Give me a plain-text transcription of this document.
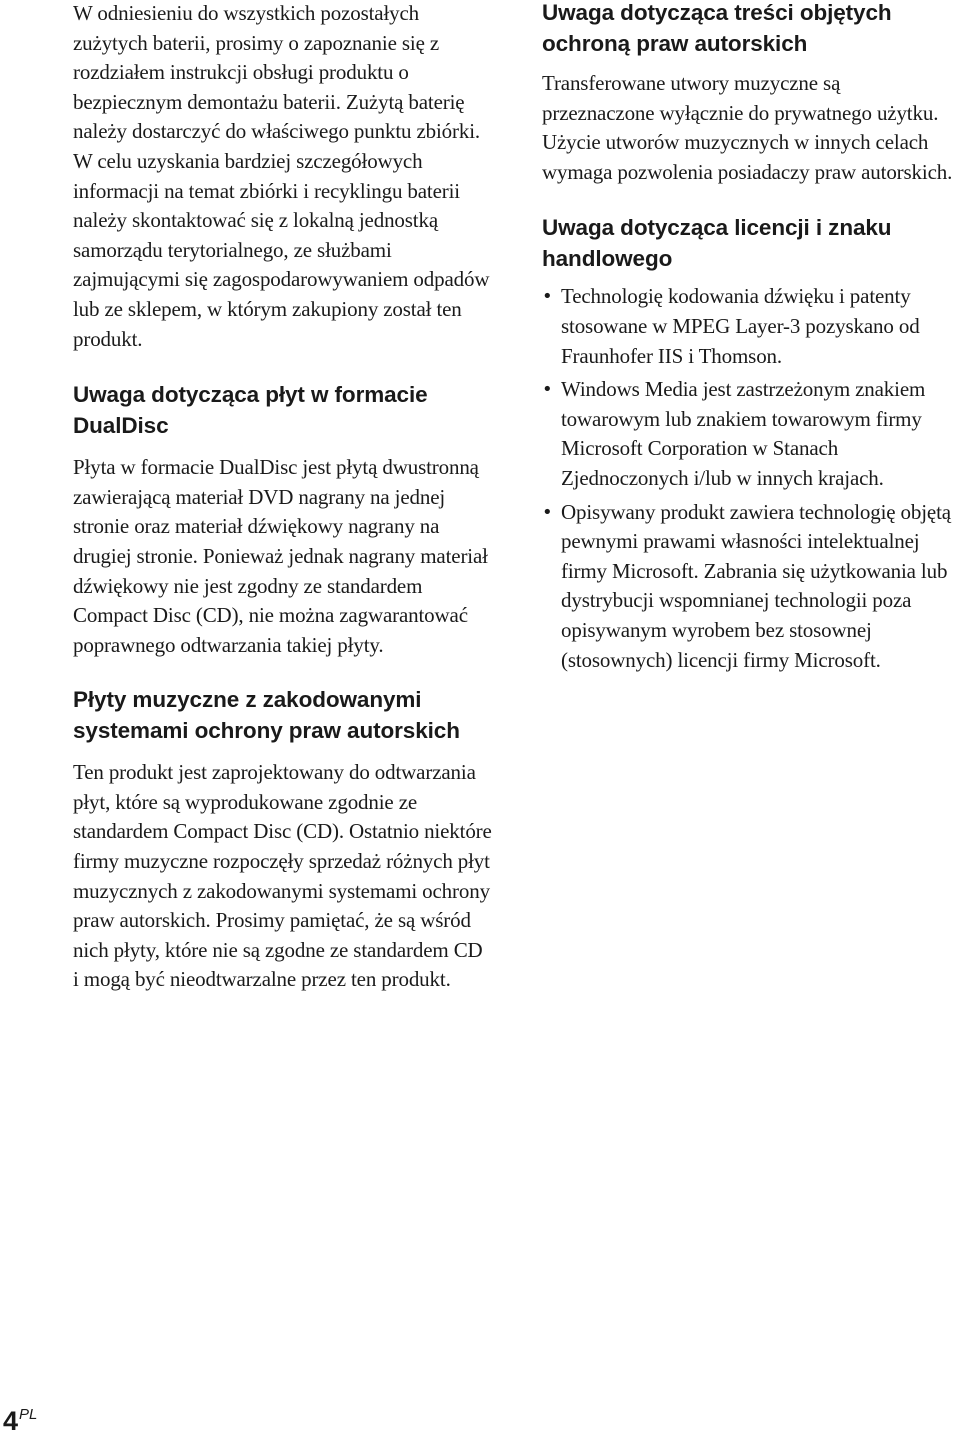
W odniesieniu do wszystkich pozostałych zużytych baterii, prosimy o zapoznanie się z rozdziałem instrukcji obsługi produktu o bezpiecznym demontażu baterii. Zużytą baterię należy dostarczyć do właściwego punktu zbiórki.

W celu uzyskania bardziej szczegółowych informacji na temat zbiórki i recyklingu baterii należy skontaktować się z lokalną jednostką samorządu terytorialnego, ze służbami zajmującymi się zagospodarowywaniem odpadów lub ze sklepem, w którym zakupiony został ten produkt.

Uwaga dotycząca płyt w formacie DualDisc

Płyta w formacie DualDisc jest płytą dwustronną zawierającą materiał DVD nagrany na jednej stronie oraz materiał dźwiękowy nagrany na drugiej stronie. Ponieważ jednak nagrany materiał dźwiękowy nie jest zgodny ze standardem Compact Disc (CD), nie można zagwarantować poprawnego odtwarzania takiej płyty.

Płyty muzyczne z zakodowanymi systemami ochrony praw autorskich

Ten produkt jest zaprojektowany do odtwarzania płyt, które są wyprodukowane zgodnie ze standardem Compact Disc (CD). Ostatnio niektóre firmy muzyczne rozpoczęły sprzedaż różnych płyt muzycznych z zakodowanymi systemami ochrony praw autorskich. Prosimy pamiętać, że są wśród nich płyty, które nie są zgodne ze standardem CD i mogą być nieodtwarzalne przez ten produkt.

Uwaga dotycząca treści objętych ochroną praw autorskich

Transferowane utwory muzyczne są przeznaczone wyłącznie do prywatnego użytku. Użycie utworów muzycznych w innych celach wymaga pozwolenia posiadaczy praw autorskich.

Uwaga dotycząca licencji i znaku handlowego
• Technologię kodowania dźwięku i patenty stosowane w MPEG Layer-3 pozyskano od Fraunhofer IIS i Thomson.
• Windows Media jest zastrzeżonym znakiem towarowym lub znakiem towarowym firmy Microsoft Corporation w Stanach Zjednoczonych i/lub w innych krajach.
• Opisywany produkt zawiera technologię objętą pewnymi prawami własności intelektualnej firmy Microsoft. Zabrania się użytkowania lub dystrybucji wspomnianej technologii poza opisywanym wyrobem bez stosownej (stosownych) licencji firmy Microsoft.
$4^{PL}$
